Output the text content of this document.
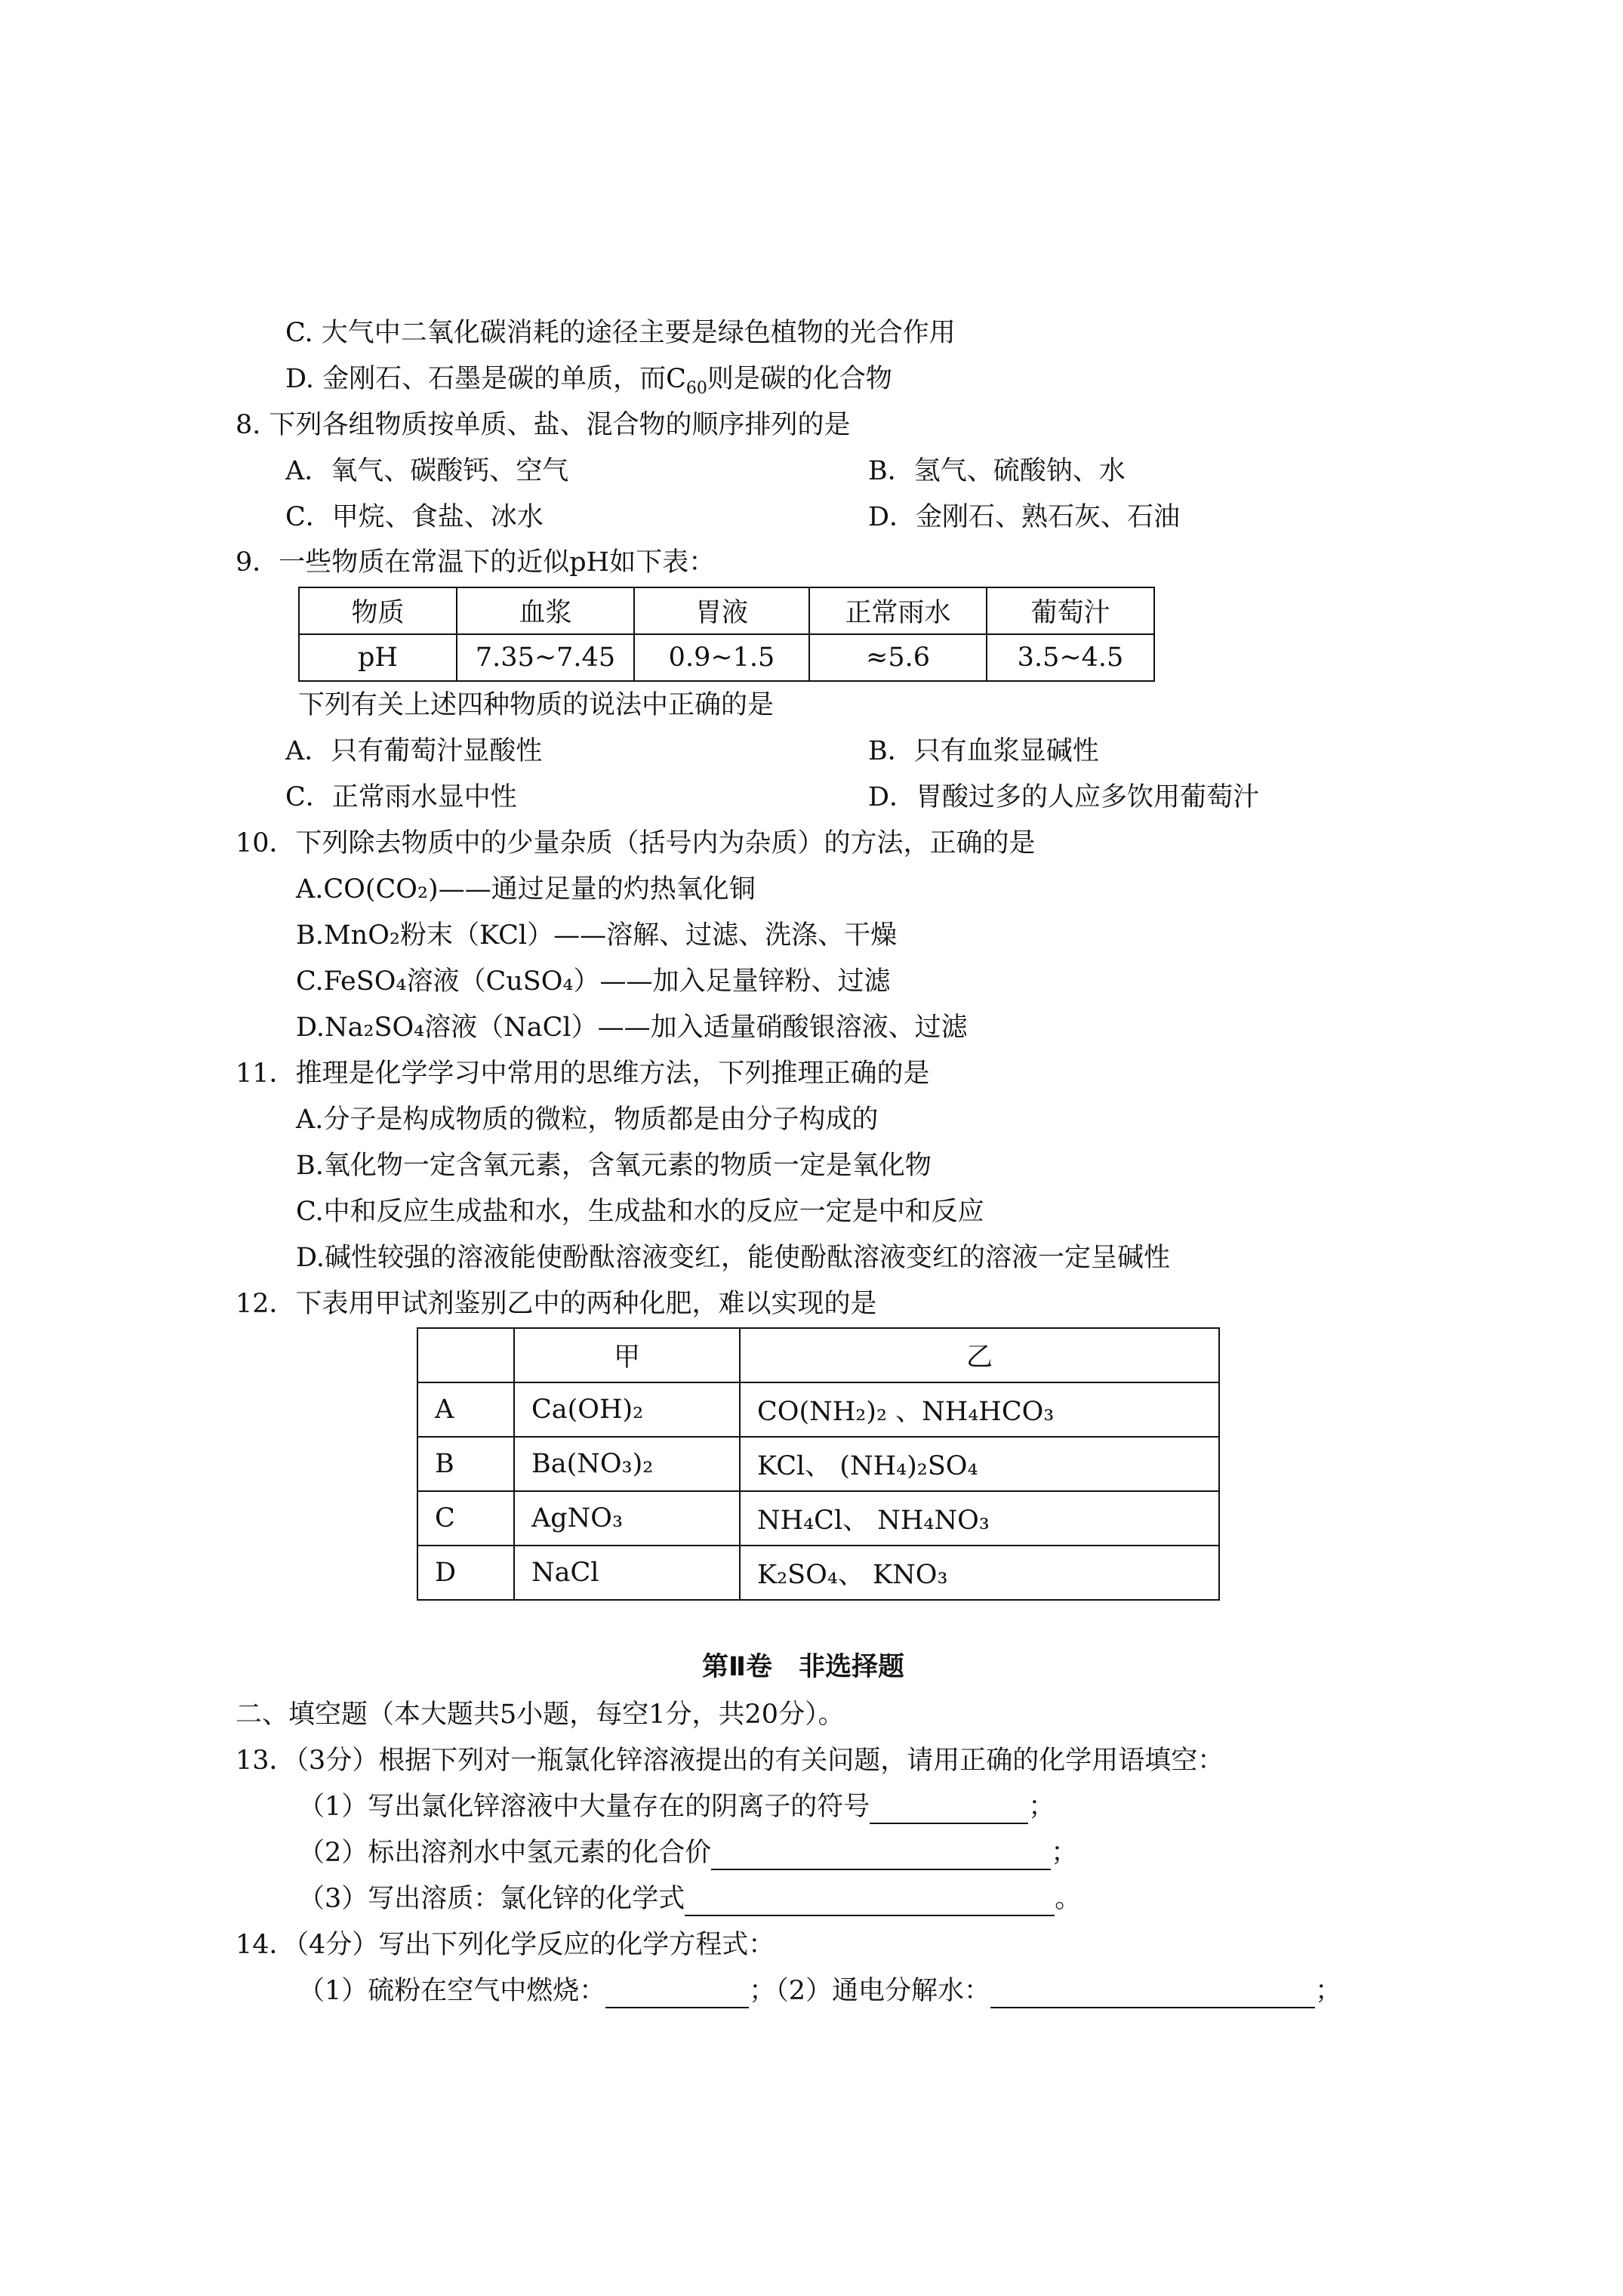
C. 大气中二氧化碳消耗的途径主要是绿色植物的光合作用
D. 金刚石、石墨是碳的单质，而$C_{60}$则是碳的化合物
8. 下列各组物质按单质、盐、混合物的顺序排列的是
A．氧气、碳酸钙、空气	B．氢气、硫酸钠、水
C．甲烷、食盐、冰水	D．金刚石、熟石灰、石油
9．一些物质在常温下的近似pH如下表：
物质	血浆	胃液	正常雨水	葡萄汁
pH	7.35~7.45	0.9~1.5	≈5.6	3.5~4.5
下列有关上述四种物质的说法中正确的是
A．只有葡萄汁显酸性	B．只有血浆显碱性
C．正常雨水显中性	D．胃酸过多的人应多饮用葡萄汁
10．下列除去物质中的少量杂质（括号内为杂质）的方法，正确的是
A.CO(CO₂)——通过足量的灼热氧化铜
B.MnO₂粉末（KCl）——溶解、过滤、洗涤、干燥
C.FeSO₄溶液（CuSO₄）——加入足量锌粉、过滤
D.Na₂SO₄溶液（NaCl）——加入适量硝酸银溶液、过滤
11．推理是化学学习中常用的思维方法，下列推理正确的是
A.分子是构成物质的微粒，物质都是由分子构成的
B.氧化物一定含氧元素，含氧元素的物质一定是氧化物
C.中和反应生成盐和水，生成盐和水的反应一定是中和反应
D.碱性较强的溶液能使酚酞溶液变红，能使酚酞溶液变红的溶液一定呈碱性
12．下表用甲试剂鉴别乙中的两种化肥，难以实现的是
	甲	乙
A	Ca(OH)₂	CO(NH₂)₂ 、NH₄HCO₃
B	Ba(NO₃)₂	KCl、 (NH₄)₂SO₄
C	AgNO₃	NH₄Cl、 NH₄NO₃
D	NaCl	K₂SO₄、 KNO₃
第Ⅱ卷　非选择题
二、填空题（本大题共5小题，每空1分，共20分）。
13．（3分）根据下列对一瓶氯化锌溶液提出的有关问题，请用正确的化学用语填空：
（1）写出氯化锌溶液中大量存在的阴离子的符号	；
（2）标出溶剂水中氢元素的化合价	；
（3）写出溶质：氯化锌的化学式	。
14．（4分）写出下列化学反应的化学方程式：
（1）硫粉在空气中燃烧：	；（2）通电分解水：	；
